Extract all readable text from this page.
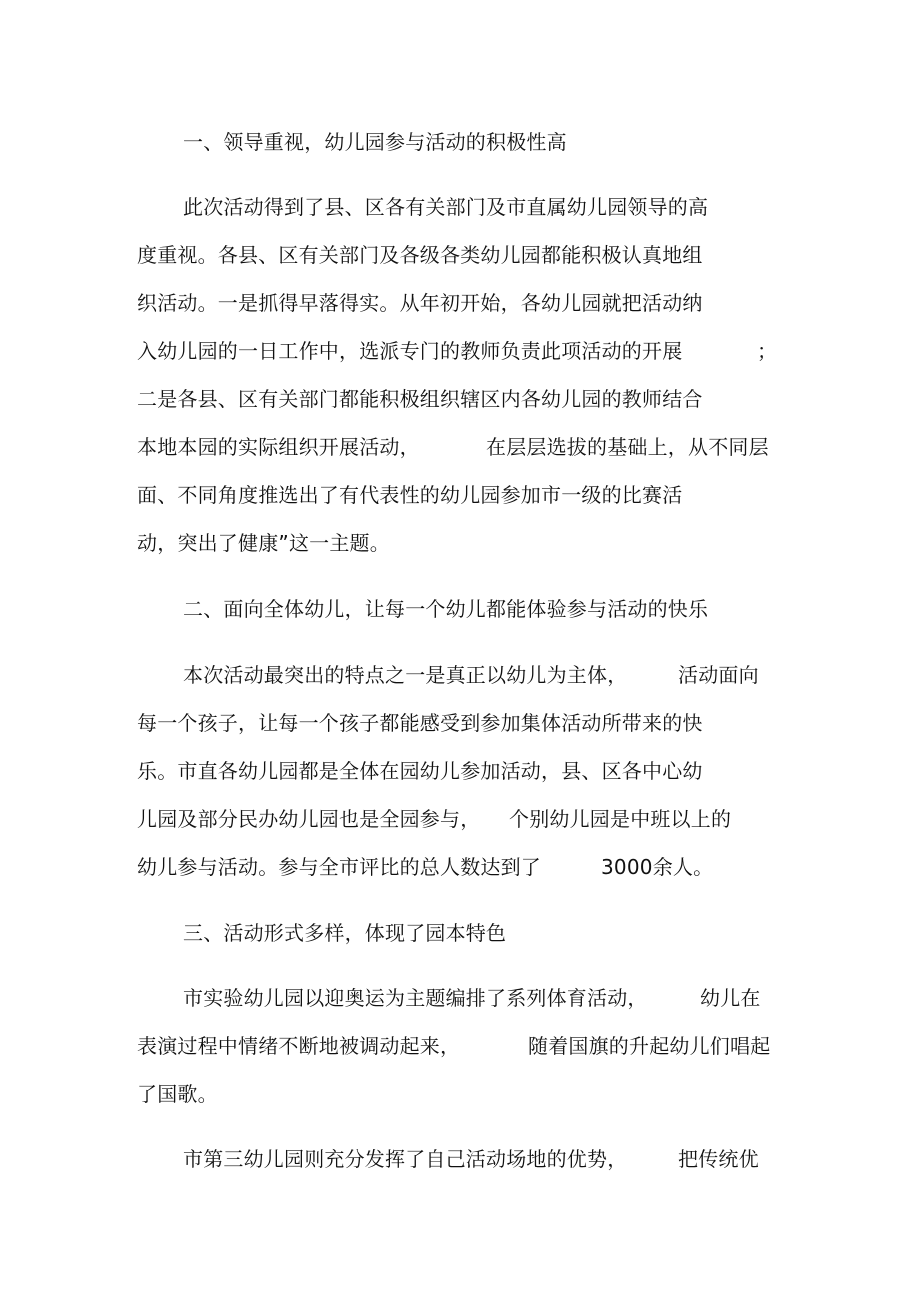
一、领导重视，幼儿园参与活动的积极性高
此次活动得到了县、区各有关部门及市直属幼儿园领导的高
度重视。各县、区有关部门及各级各类幼儿园都能积极认真地组
织活动。一是抓得早落得实。从年初开始，各幼儿园就把活动纳
入幼儿园的一日工作中，选派专门的教师负责此项活动的开展	；
二是各县、区有关部门都能积极组织辖区内各幼儿园的教师结合
本地本园的实际组织开展活动，	在层层选拔的基础上，从不同层
面、不同角度推选出了有代表性的幼儿园参加市一级的比赛活
动，突出了健康”这一主题。
二、面向全体幼儿，让每一个幼儿都能体验参与活动的快乐
本次活动最突出的特点之一是真正以幼儿为主体，	活动面向
每一个孩子，让每一个孩子都能感受到参加集体活动所带来的快
乐。市直各幼儿园都是全体在园幼儿参加活动，县、区各中心幼
儿园及部分民办幼儿园也是全园参与， 个别幼儿园是中班以上的
幼儿参与活动。参与全市评比的总人数达到了	3000余人。
三、活动形式多样，体现了园本特色
市实验幼儿园以迎奥运为主题编排了系列体育活动，	幼儿在
表演过程中情绪不断地被调动起来，	随着国旗的升起幼儿们唱起
了国歌。
市第三幼儿园则充分发挥了自己活动场地的优势，	把传统优
